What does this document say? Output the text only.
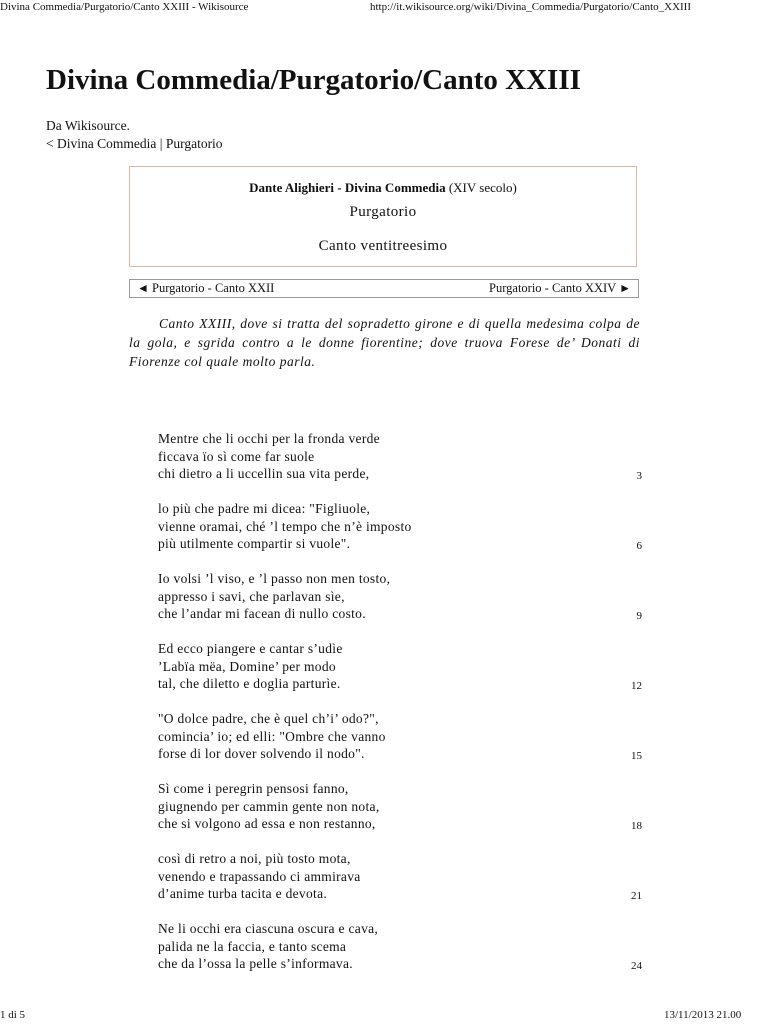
Divina Commedia/Purgatorio/Canto XXIII - Wikisource	http://it.wikisource.org/wiki/Divina_Commedia/Purgatorio/Canto_XXIII
Divina Commedia/Purgatorio/Canto XXIII
Da Wikisource.
< Divina Commedia | Purgatorio
Dante Alighieri - Divina Commedia (XIV secolo)
Purgatorio
Canto ventitreesimo
◄ Purgatorio - Canto XXII	Purgatorio - Canto XXIV ►

Canto XXIII, dove si tratta del sopradetto girone e di quella medesima colpa de la gola, e sgrida contro a le donne fiorentine; dove truova Forese de’ Donati di Fiorenze col quale molto parla.

Mentre che li occhi per la fronda verde
ficcava ïo sì come far suole
chi dietro a li uccellin sua vita perde,	3
lo più che padre mi dicea: "Figliuole,
vienne oramai, ché ’l tempo che n’è imposto
più utilmente compartir si vuole".	6
Io volsi ’l viso, e ’l passo non men tosto,
appresso i savi, che parlavan sìe,
che l’andar mi facean di nullo costo.	9
Ed ecco piangere e cantar s’udìe
’Labïa mëa, Domine’ per modo
tal, che diletto e doglia parturìe.	12
"O dolce padre, che è quel ch’i’ odo?",
comincia’ io; ed elli: "Ombre che vanno
forse di lor dover solvendo il nodo".	15
Sì come i peregrin pensosi fanno,
giugnendo per cammin gente non nota,
che si volgono ad essa e non restanno,	18
così di retro a noi, più tosto mota,
venendo e trapassando ci ammirava
d’anime turba tacita e devota.	21
Ne li occhi era ciascuna oscura e cava,
palida ne la faccia, e tanto scema
che da l’ossa la pelle s’informava.	24
1 di 5	13/11/2013 21.00
